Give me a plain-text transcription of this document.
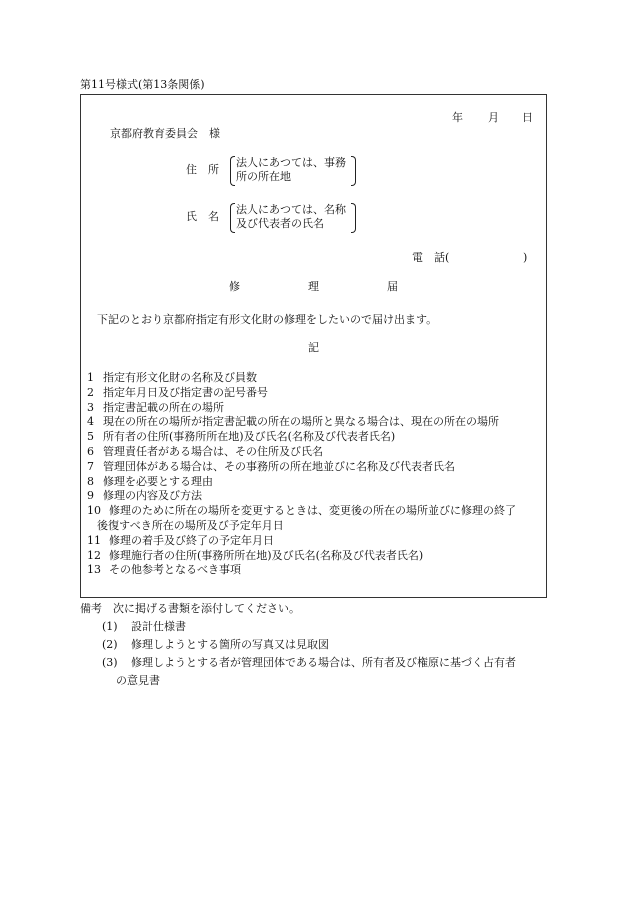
第11号様式(第13条関係)
年 月 日
京都府教育委員会　様
住　所
法人にあつては、事務
所の所在地
氏　名
法人にあつては、名称
及び代表者の氏名
電　話(	)
修	理	届
下記のとおり京都府指定有形文化財の修理をしたいので届け出ます。
記
1 指定有形文化財の名称及び員数
2 指定年月日及び指定書の記号番号
3 指定書記載の所在の場所
4 現在の所在の場所が指定書記載の所在の場所と異なる場合は、現在の所在の場所
5 所有者の住所(事務所所在地)及び氏名(名称及び代表者氏名)
6 管理責任者がある場合は、その住所及び氏名
7 管理団体がある場合は、その事務所の所在地並びに名称及び代表者氏名
8 修理を必要とする理由
9 修理の内容及び方法
10 修理のために所在の場所を変更するときは、変更後の所在の場所並びに修理の終了
後復すべき所在の場所及び予定年月日
11 修理の着手及び終了の予定年月日
12 修理施行者の住所(事務所所在地)及び氏名(名称及び代表者氏名)
13 その他参考となるべき事項
備考　次に掲げる書類を添付してください。
(1) 設計仕様書
(2) 修理しようとする箇所の写真又は見取図
(3) 修理しようとする者が管理団体である場合は、所有者及び権原に基づく占有者
の意見書
